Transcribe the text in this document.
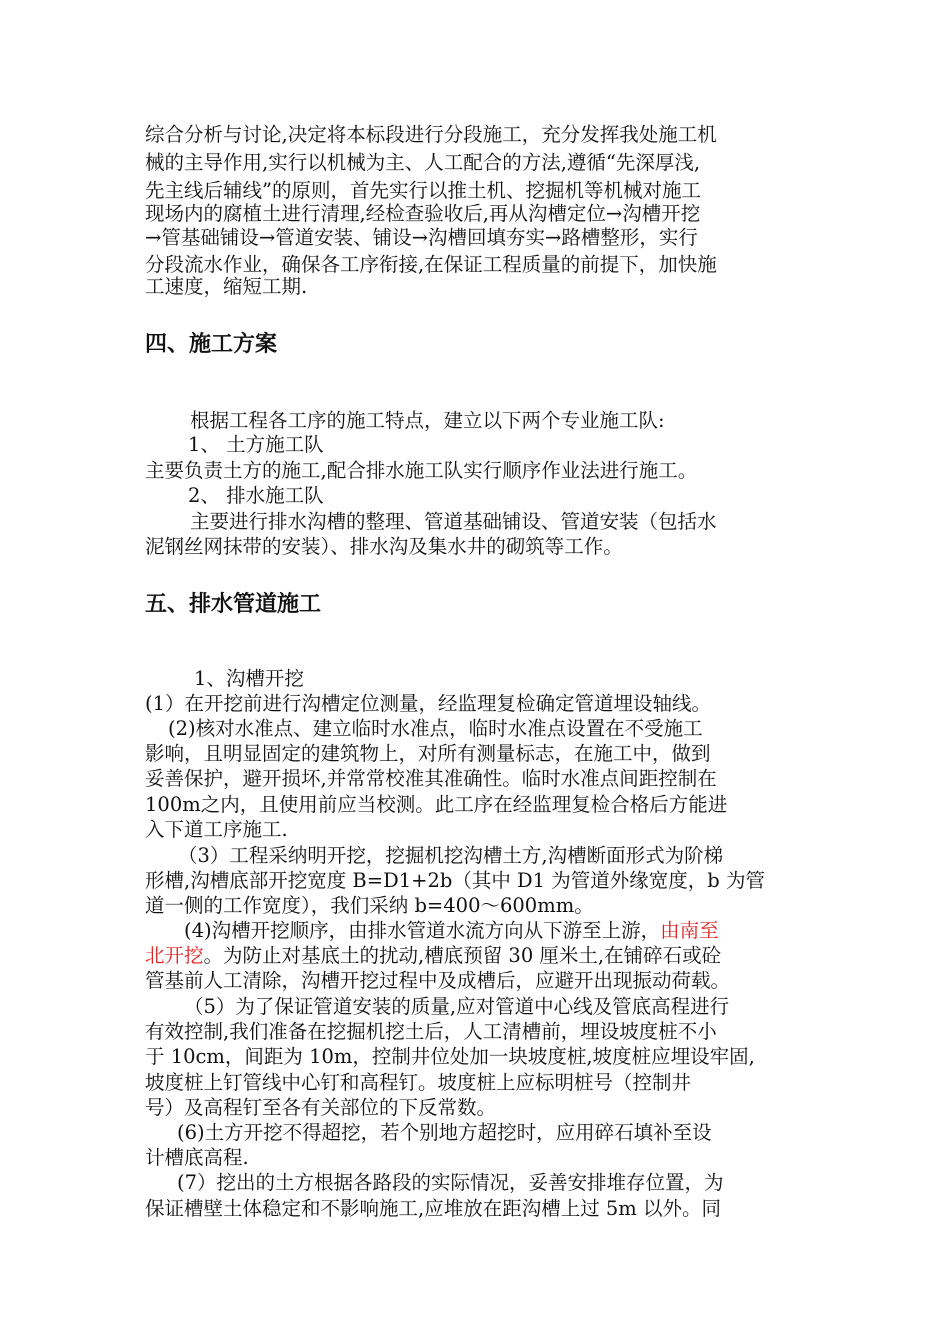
综合分析与讨论,决定将本标段进行分段施工，充分发挥我处施工机
械的主导作用,实行以机械为主、人工配合的方法,遵循“先深厚浅,
先主线后辅线”的原则，首先实行以推土机、挖掘机等机械对施工
现场内的腐植土进行清理,经检查验收后,再从沟槽定位→沟槽开挖
→管基础铺设→管道安装、铺设→沟槽回填夯实→路槽整形，实行
分段流水作业，确保各工序衔接,在保证工程质量的前提下，加快施
工速度，缩短工期.
四、施工方案
根据工程各工序的施工特点，建立以下两个专业施工队:
1、 土方施工队
主要负责土方的施工,配合排水施工队实行顺序作业法进行施工。
2、 排水施工队
主要进行排水沟槽的整理、管道基础铺设、管道安装（包括水
泥钢丝网抹带的安装）、排水沟及集水井的砌筑等工作。
五、排水管道施工
1、沟槽开挖
(1）在开挖前进行沟槽定位测量，经监理复检确定管道埋设轴线。
(2)核对水准点、建立临时水准点，临时水准点设置在不受施工
影响，且明显固定的建筑物上，对所有测量标志，在施工中，做到
妥善保护，避开损坏,并常常校准其准确性。临时水准点间距控制在
100m之内，且使用前应当校测。此工序在经监理复检合格后方能进
入下道工序施工.
（3）工程采纳明开挖，挖掘机挖沟槽土方,沟槽断面形式为阶梯
形槽,沟槽底部开挖宽度 B=D1+2b（其中 D1 为管道外缘宽度，b 为管
道一侧的工作宽度），我们采纳 b=400～600mm。
(4)沟槽开挖顺序，由排水管道水流方向从下游至上游，由南至
北开挖。为防止对基底土的扰动,槽底预留 30 厘米土,在铺碎石或砼
管基前人工清除，沟槽开挖过程中及成槽后，应避开出现振动荷载。
（5）为了保证管道安装的质量,应对管道中心线及管底高程进行
有效控制,我们准备在挖掘机挖土后，人工清槽前，埋设坡度桩不小
于 10cm，间距为 10m，控制井位处加一块坡度桩,坡度桩应埋设牢固,
坡度桩上钉管线中心钉和高程钉。坡度桩上应标明桩号（控制井
号）及高程钉至各有关部位的下反常数。
(6)土方开挖不得超挖，若个别地方超挖时，应用碎石填补至设
计槽底高程.
(7）挖出的土方根据各路段的实际情况，妥善安排堆存位置，为
保证槽壁土体稳定和不影响施工,应堆放在距沟槽上过 5m 以外。同
